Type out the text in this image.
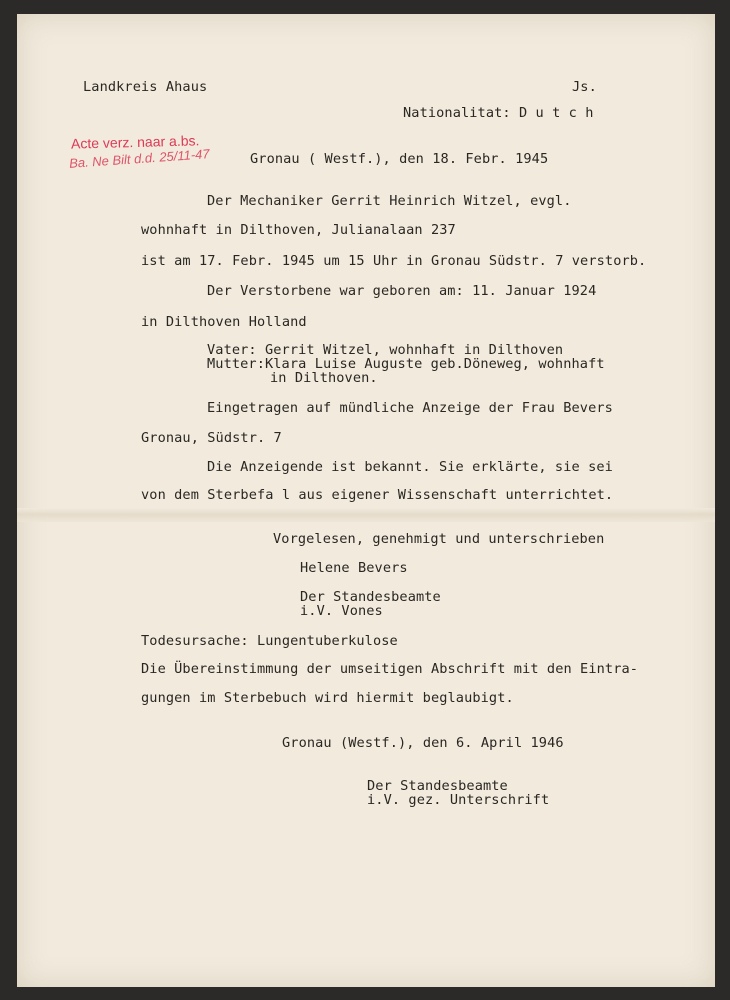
Landkreis Ahaus	Js.
Nationalitat: D u t c h
Acte verz. naar a.bs.
Ba. Ne Bilt d.d. 25/11-47	Gronau ( Westf.), den 18. Febr. 1945
Der Mechaniker Gerrit Heinrich Witzel, evgl.
wohnhaft in Dilthoven, Julianalaan 237
ist am 17. Febr. 1945 um 15 Uhr in Gronau Südstr. 7 verstorb.
Der Verstorbene war geboren am: 11. Januar 1924
in Dilthoven Holland
Vater: Gerrit Witzel, wohnhaft in Dilthoven
Mutter:Klara Luise Auguste geb.Döneweg, wohnhaft
in Dilthoven.
Eingetragen auf mündliche Anzeige der Frau Bevers
Gronau, Südstr. 7
Die Anzeigende ist bekannt. Sie erklärte, sie sei
von dem Sterbefa l aus eigener Wissenschaft unterrichtet.
Vorgelesen, genehmigt und unterschrieben
Helene Bevers
Der Standesbeamte
i.V. Vones
Todesursache: Lungentuberkulose
Die Übereinstimmung der umseitigen Abschrift mit den Eintra-
gungen im Sterbebuch wird hiermit beglaubigt.
Gronau (Westf.), den 6. April 1946
Der Standesbeamte
i.V. gez. Unterschrift
